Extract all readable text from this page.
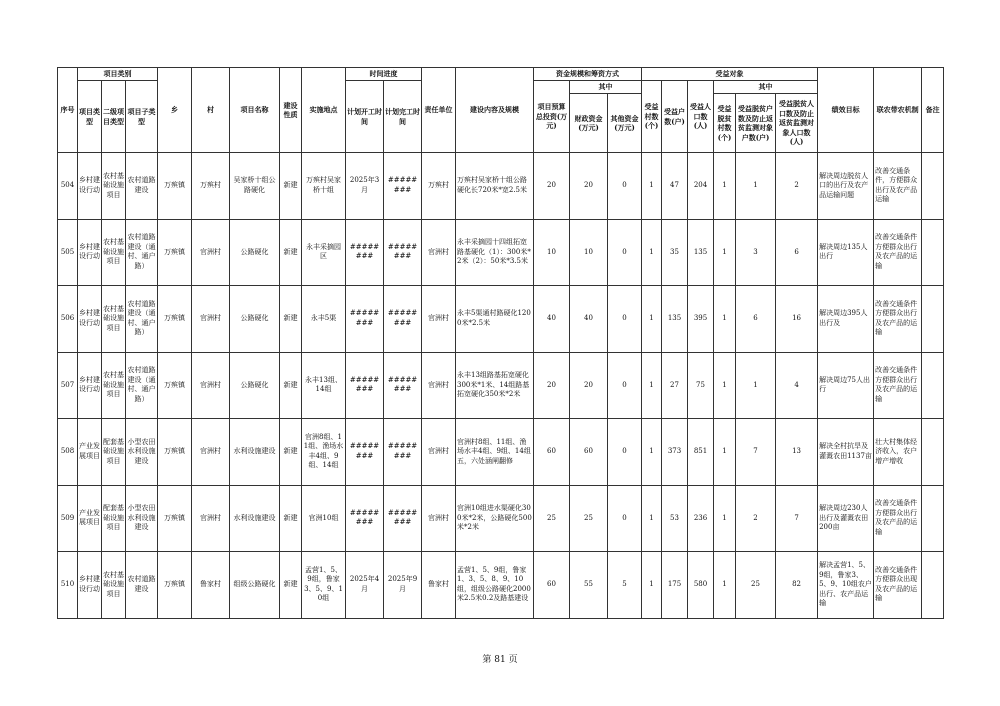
序号	项目类别			乡	村	项目名称	建设性质	实施地点	时间进度		责任单位	建设内容及规模	资金规模和筹资方式			受益对象						绩效目标	联农带农机制	备注
	项目类型	二级项目类型	项目子类型						计划开工时间	计划完工时间			项目预算总投资(万元)	其中		受益村数(个)	受益户数(户)	受益人口数(人)	其中					
														财政资金(万元)	其他资金(万元)				受益脱贫村数(个)	受益脱贫户数及防止返贫监测对象户数(户)	受益脱贫人口数及防止返贫监测对象人口数(人)			
504	乡村建设行动	农村基础设施项目	农村道路建设	万殡镇	万殡村	吴家桥十组公路硬化	新建	万殡村吴家桥十组	2025年3月	########	万殡村	万殡村吴家桥十组公路硬化长720米*宽2.5米	20	20	0	1	47	204	1	1	2	解决周边脱贫人口的出行及农产品运输问题	改善交通条件，方便群众出行及农产品运输	
505	乡村建设行动	农村基础设施项目	农村道路建设（通村、通户路）	万殡镇	官洲村	公路硬化	新建	永丰采摘园区	########	########	官洲村	永丰采摘园十四组拓宽路基硬化（1）：300米*2米（2）：50米*3.5米	10	10	0	1	35	135	1	3	6	解决周边135人出行	改善交通条件方便群众出行及农产品的运输	
506	乡村建设行动	农村基础设施项目	农村道路建设（通村、通户路）	万殡镇	官洲村	公路硬化	新建	永丰5渠	########	########	官洲村	永丰5渠通村路硬化1200米*2.5米	40	40	0	1	135	395	1	6	16	解决周边395人出行及	改善交通条件方便群众出行及农产品的运输	
507	乡村建设行动	农村基础设施项目	农村道路建设（通村、通户路）	万殡镇	官洲村	公路硬化	新建	永丰13组、14组	########	########	官洲村	永丰13组路基拓宽硬化300米*1米、14组路基拓宽硬化350米*2米	20	20	0	1	27	75	1	1	4	解决周边75人出行	改善交通条件方便群众出行及农产品的运输	
508	产业发展项目	配套基础设施项目	小型农田水利设施建设	万殡镇	官洲村	水利设施建设	新建	官洲8组、11组、渔场水丰4组、9组、14组	########	########	官洲村	官洲村8组、11组、渔场水丰4组、9组、14组五，六处涵闸翻修	60	60	0	1	373	851	1	7	13	解决全村抗旱及灌溉农田1137亩	壮大村集体经济收入，农户增产增收	
509	产业发展项目	配套基础设施项目	小型农田水利设施建设	万殡镇	官洲村	水利设施建设	新建	官洲10组	########	########	官洲村	官洲10组进水渠硬化300米*2米，公路硬化500米*2米	25	25	0	1	53	236	1	2	7	解决周边230人出行及灌溉农田200亩	改善交通条件方便群众出行及农产品的运输	
510	乡村建设行动	农村基础设施项目	农村道路建设	万殡镇	鲁家村	组级公路硬化	新建	孟营1、5、9组，鲁家3、5、9、10组	2025年4月	2025年9月	鲁家村	孟营1、5、9组，鲁家1、3、5、8、9、10组，组级公路硬化2000米2.5米0.2及路基建设	60	55	5	1	175	580	1	25	82	解决孟营1、5、9组，鲁家3、5、9、10组农户出行、农产品运输	改善交通条件方便群众出现及农产品的运输	
第 81 页
